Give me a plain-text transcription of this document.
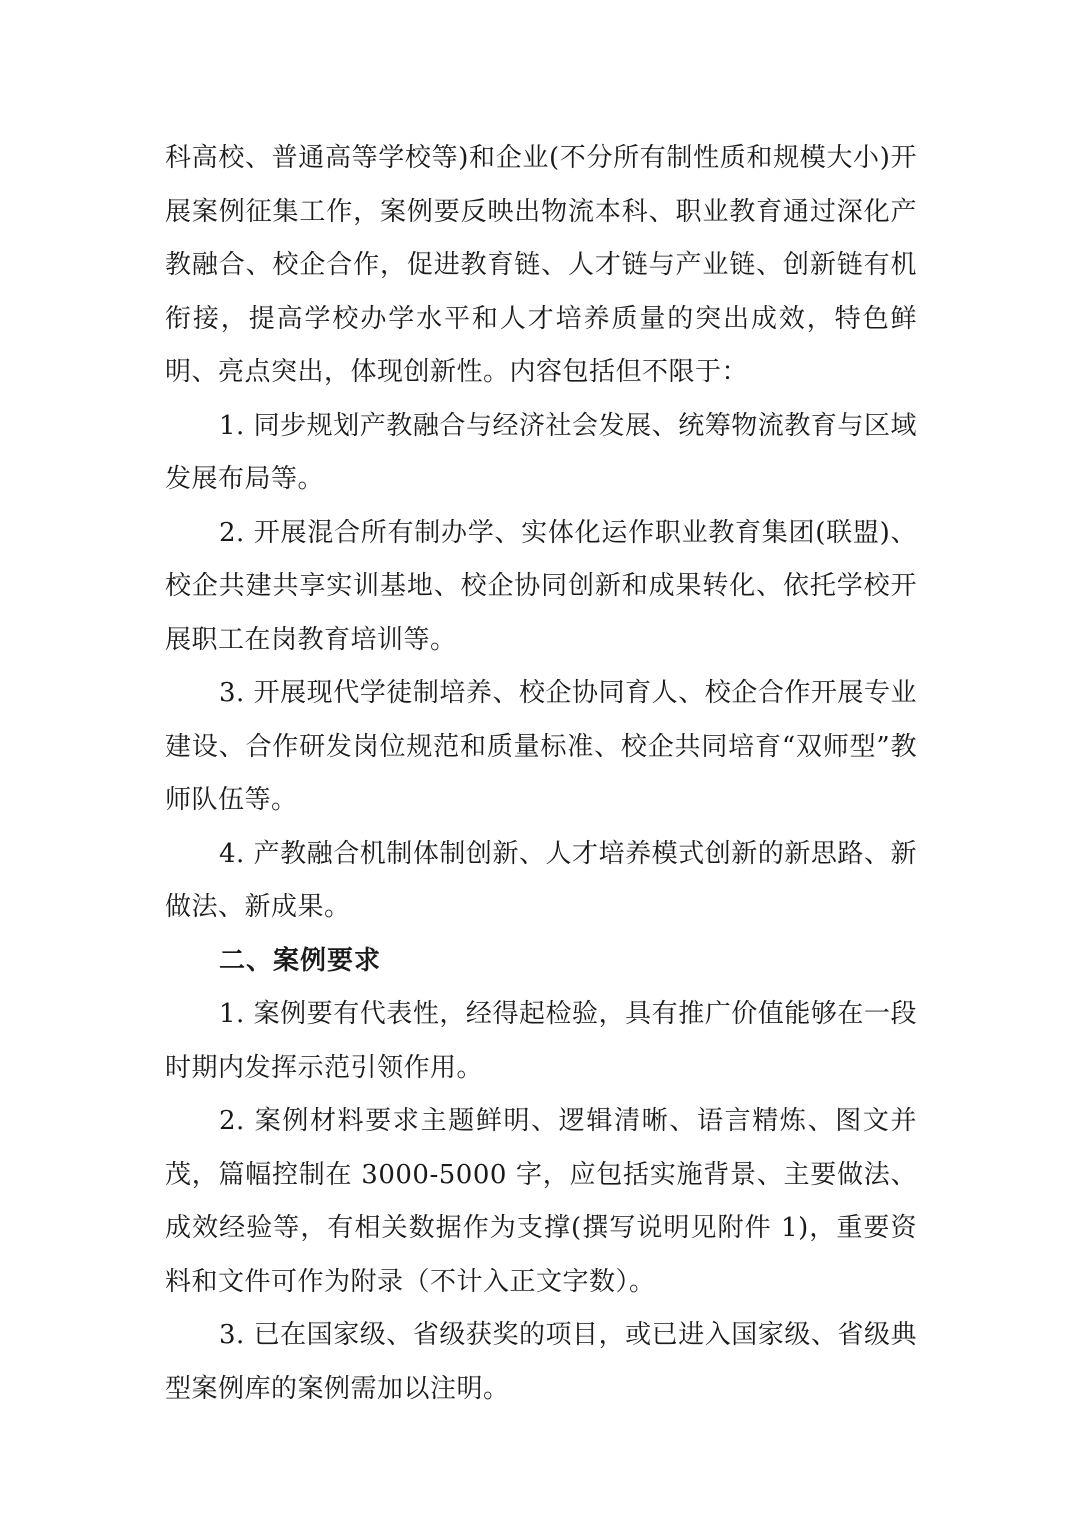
科高校、普通高等学校等)和企业(不分所有制性质和规模大小)开展案例征集工作，案例要反映出物流本科、职业教育通过深化产教融合、校企合作，促进教育链、人才链与产业链、创新链有机衔接，提高学校办学水平和人才培养质量的突出成效，特色鲜明、亮点突出，体现创新性。内容包括但不限于：

1. 同步规划产教融合与经济社会发展、统筹物流教育与区域发展布局等。

2. 开展混合所有制办学、实体化运作职业教育集团(联盟)、校企共建共享实训基地、校企协同创新和成果转化、依托学校开展职工在岗教育培训等。

3. 开展现代学徒制培养、校企协同育人、校企合作开展专业建设、合作研发岗位规范和质量标准、校企共同培育“双师型”教师队伍等。

4. 产教融合机制体制创新、人才培养模式创新的新思路、新做法、新成果。

二、案例要求

1. 案例要有代表性，经得起检验，具有推广价值能够在一段时期内发挥示范引领作用。

2. 案例材料要求主题鲜明、逻辑清晰、语言精炼、图文并茂，篇幅控制在 3000-5000 字，应包括实施背景、主要做法、成效经验等，有相关数据作为支撑(撰写说明见附件 1)，重要资料和文件可作为附录（不计入正文字数）。

3. 已在国家级、省级获奖的项目，或已进入国家级、省级典型案例库的案例需加以注明。
